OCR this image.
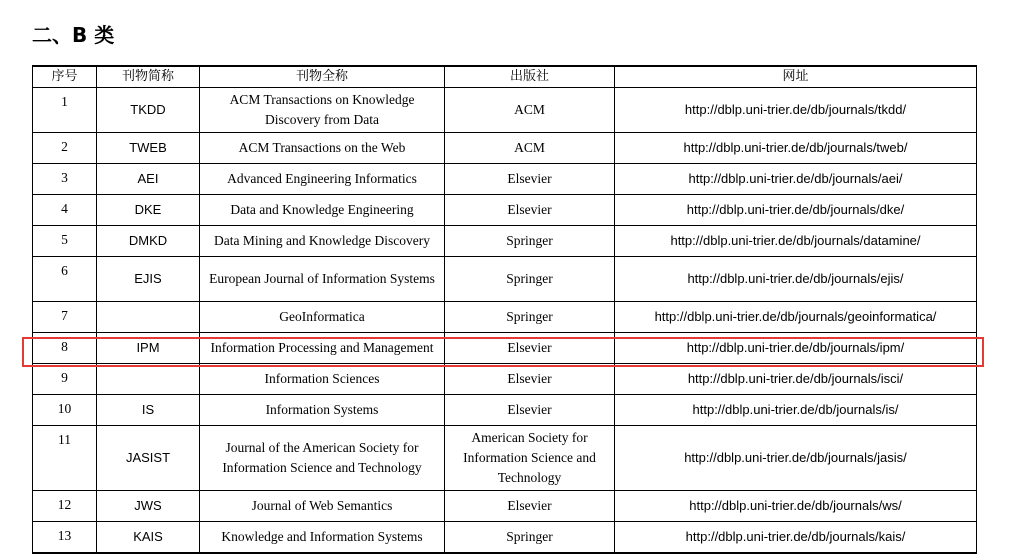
二、B 类
序号	刊物简称	刊物全称	出版社	网址
1	TKDD	ACM Transactions on Knowledge Discovery from Data	ACM	http://dblp.uni-trier.de/db/journals/tkdd/
2	TWEB	ACM Transactions on the Web	ACM	http://dblp.uni-trier.de/db/journals/tweb/
3	AEI	Advanced Engineering Informatics	Elsevier	http://dblp.uni-trier.de/db/journals/aei/
4	DKE	Data and Knowledge Engineering	Elsevier	http://dblp.uni-trier.de/db/journals/dke/
5	DMKD	Data Mining and Knowledge Discovery	Springer	http://dblp.uni-trier.de/db/journals/datamine/
6	EJIS	European Journal of Information Systems	Springer	http://dblp.uni-trier.de/db/journals/ejis/
7		GeoInformatica	Springer	http://dblp.uni-trier.de/db/journals/geoinformatica/
8	IPM	Information Processing and Management	Elsevier	http://dblp.uni-trier.de/db/journals/ipm/
9		Information Sciences	Elsevier	http://dblp.uni-trier.de/db/journals/isci/
10	IS	Information Systems	Elsevier	http://dblp.uni-trier.de/db/journals/is/
11	JASIST	Journal of the American Society for Information Science and Technology	American Society for Information Science and Technology	http://dblp.uni-trier.de/db/journals/jasis/
12	JWS	Journal of Web Semantics	Elsevier	http://dblp.uni-trier.de/db/journals/ws/
13	KAIS	Knowledge and Information Systems	Springer	http://dblp.uni-trier.de/db/journals/kais/
